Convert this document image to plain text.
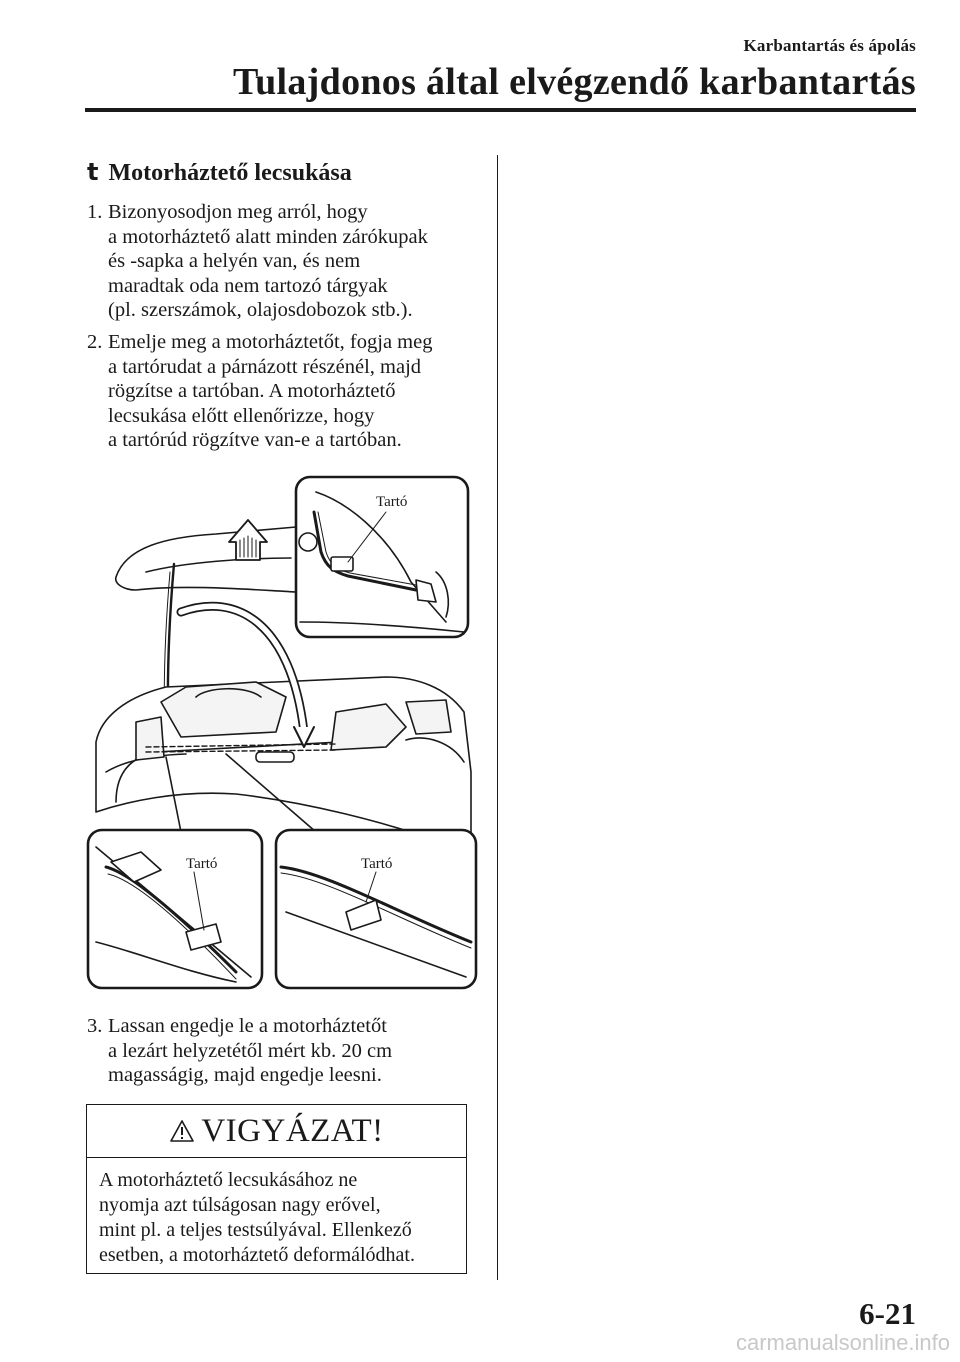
Karbantartás és ápolás
Tulajdonos által elvégzendő karbantartás
t Motorháztető lecsukása
1. Bizonyosodjon meg arról, hogy
a motorháztető alatt minden zárókupak
és -sapka a helyén van, és nem
maradtak oda nem tartozó tárgyak
(pl. szerszámok, olajosdobozok stb.).
2. Emelje meg a motorháztetőt, fogja meg
a tartórudat a párnázott részénél, majd
rögzítse a tartóban. A motorháztető
lecsukása előtt ellenőrizze, hogy
a tartórúd rögzítve van-e a tartóban.
Tartó
Tartó	Tartó
3. Lassan engedje le a motorháztetőt
a lezárt helyzetétől mért kb. 20 cm
magasságig, majd engedje leesni.
VIGYÁZAT!
A motorháztető lecsukásához ne
nyomja azt túlságosan nagy erővel,
mint pl. a teljes testsúlyával. Ellenkező
esetben, a motorháztető deformálódhat.
6-21
carmanualsonline.info
